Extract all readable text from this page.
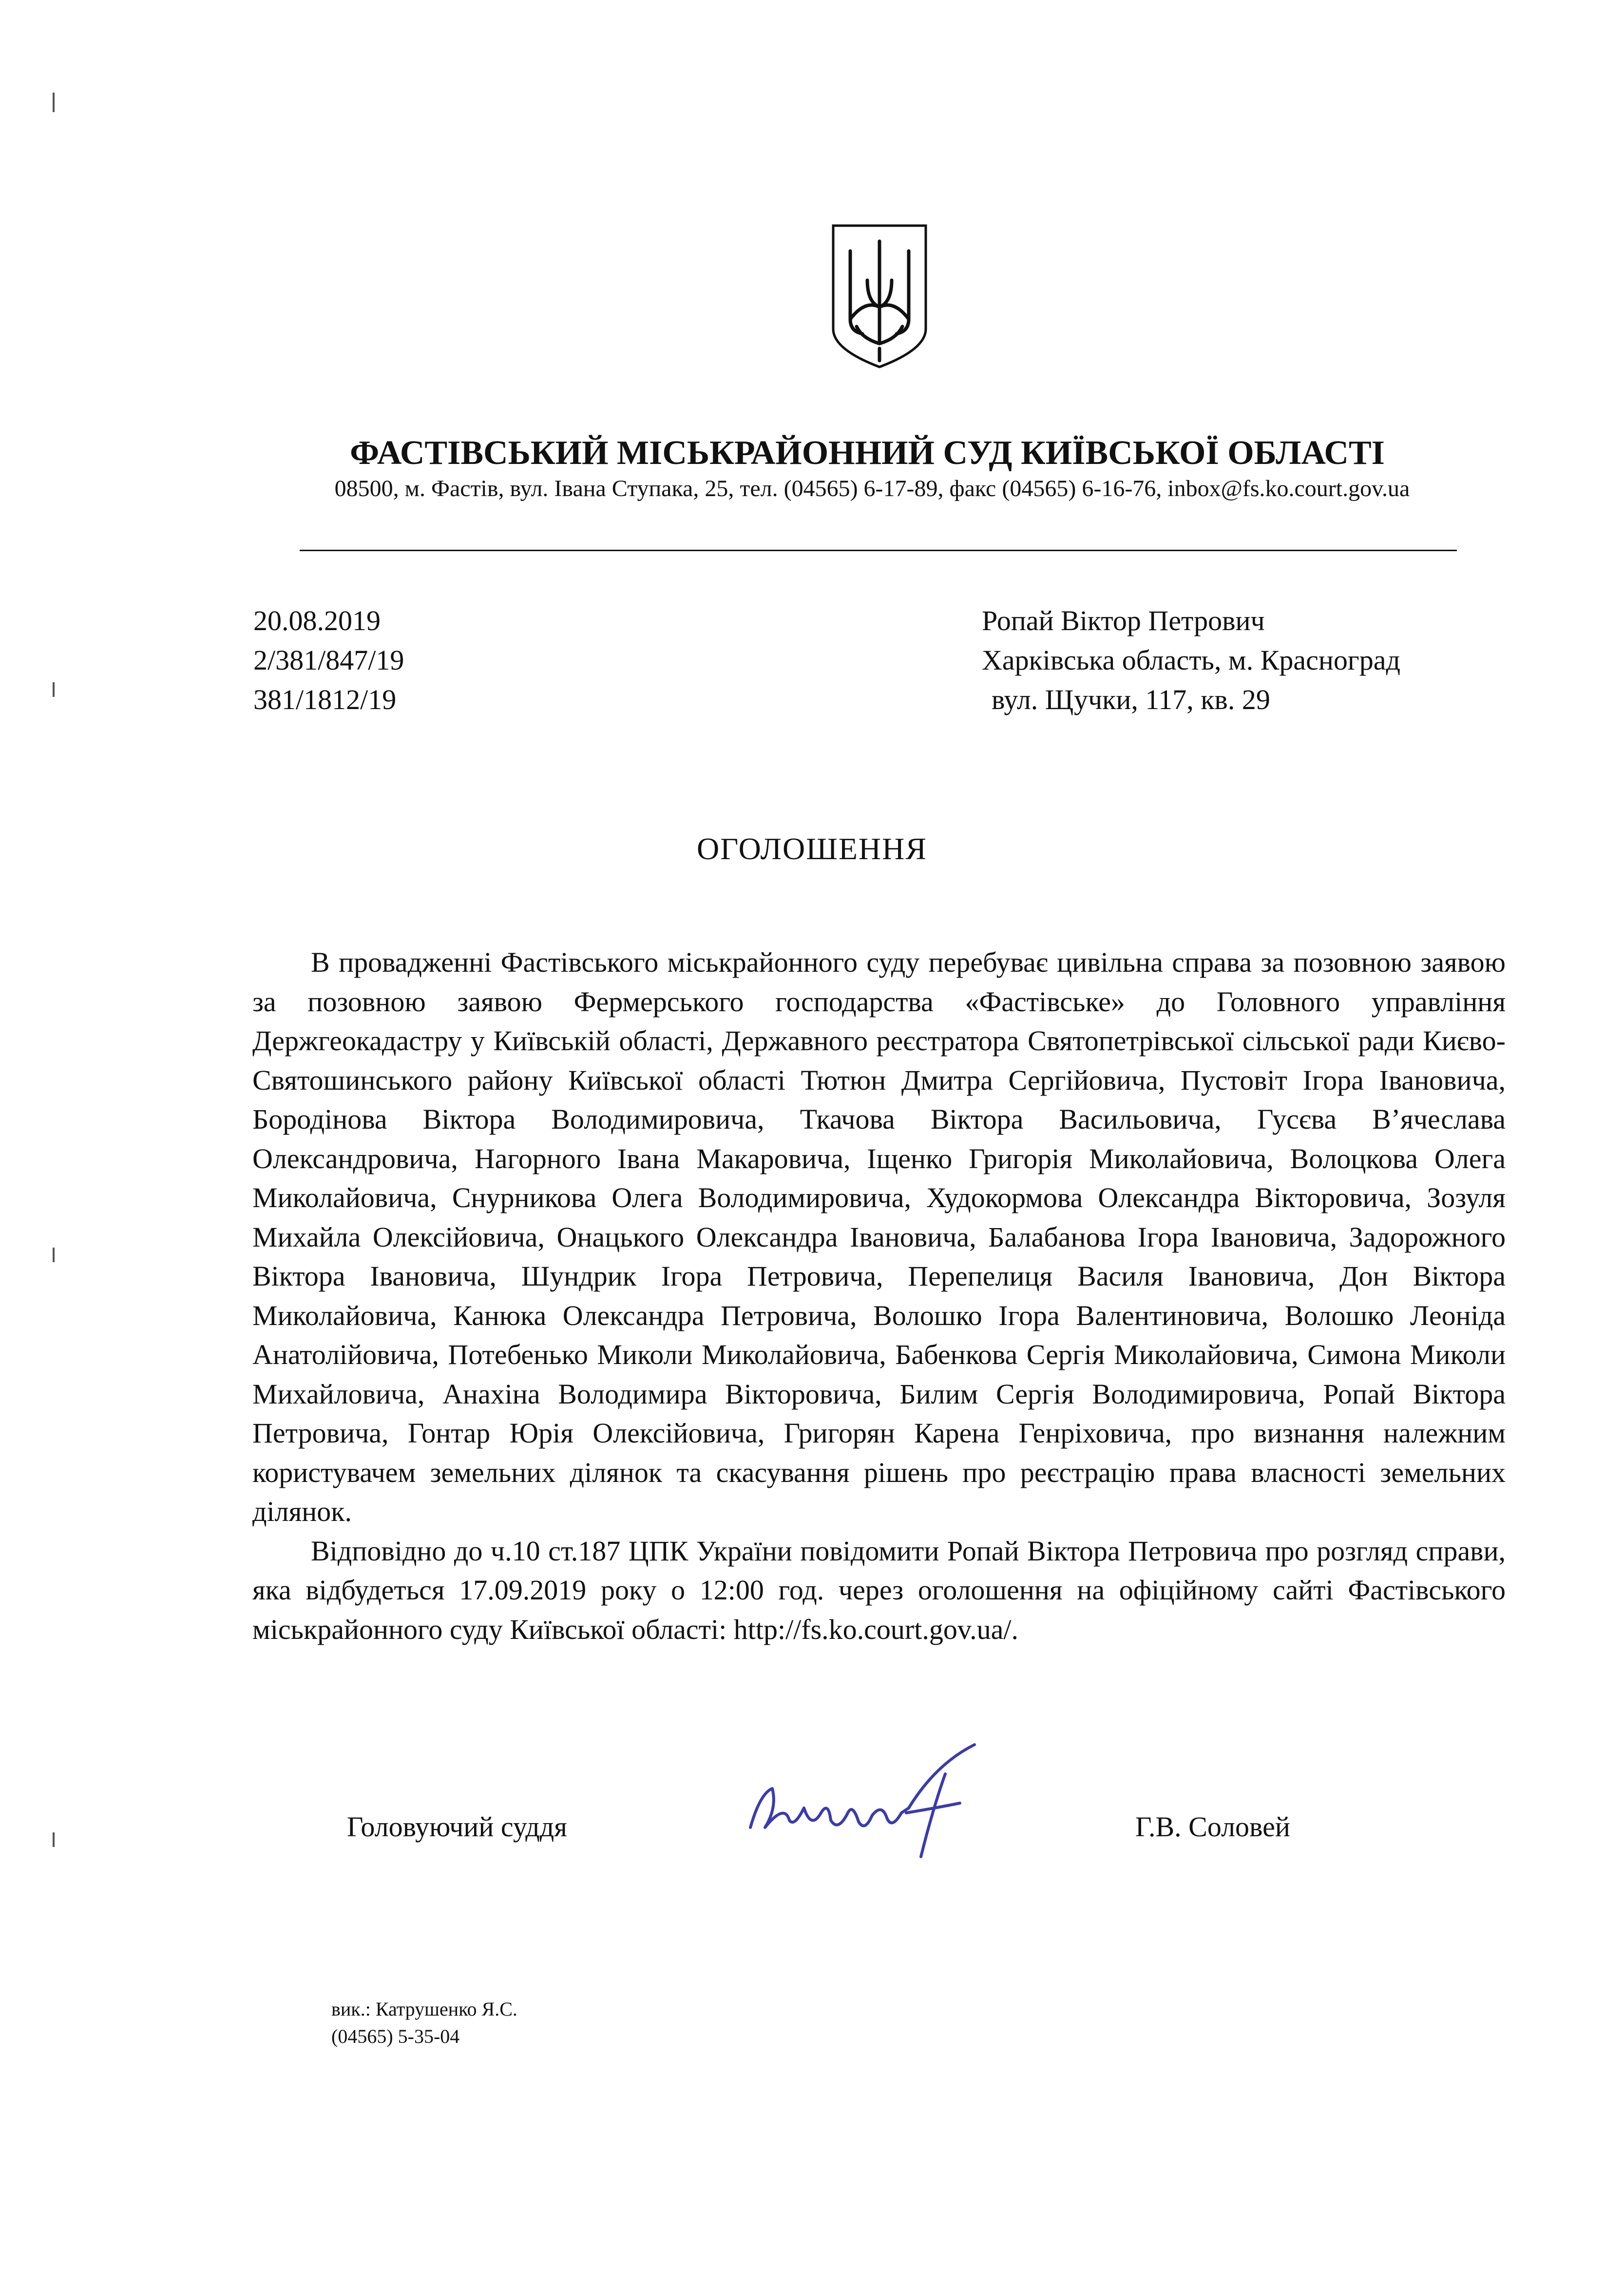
ФАСТІВСЬКИЙ МІСЬКРАЙОННИЙ СУД КИЇВСЬКОЇ ОБЛАСТІ
08500, м. Фастів, вул. Івана Ступака, 25, тел. (04565) 6-17-89, факс (04565) 6-16-76, inbox@fs.ko.court.gov.ua
20.08.2019
2/381/847/19
381/1812/19
Ропай Віктор Петрович
Харківська область, м. Красноград
вул. Щучки, 117, кв. 29
ОГОЛОШЕННЯ

В провадженні Фастівського міськрайонного суду перебуває цивільна справа за позовною заявою за позовною заявою Фермерського господарства «Фастівське» до Головного управління Держгеокадастру у Київській області, Державного реєстратора Святопетрівської сільської ради Києво-Святошинського району Київської області Тютюн Дмитра Сергійовича, Пустовіт Ігора Івановича, Бородінова Віктора Володимировича, Ткачова Віктора Васильовича, Гусєва В’ячеслава Олександровича, Нагорного Івана Макаровича, Іщенко Григорія Миколайовича, Волоцкова Олега Миколайовича, Снурникова Олега Володимировича, Худокормова Олександра Вікторовича, Зозуля Михайла Олексійовича, Онацького Олександра Івановича, Балабанова Ігора Івановича, Задорожного Віктора Івановича, Шундрик Ігора Петровича, Перепелиця Василя Івановича, Дон Віктора Миколайовича, Канюка Олександра Петровича, Волошко Ігора Валентиновича, Волошко Леоніда Анатолійовича, Потебенько Миколи Миколайовича, Бабенкова Сергія Миколайовича, Симона Миколи Михайловича, Анахіна Володимира Вікторовича, Билим Сергія Володимировича, Ропай Віктора Петровича, Гонтар Юрія Олексійовича, Григорян Карена Генріховича, про визнання належним користувачем земельних ділянок та скасування рішень про реєстрацію права власності земельних ділянок.

Відповідно до ч.10 ст.187 ЦПК України повідомити Ропай Віктора Петровича про розгляд справи, яка відбудеться 17.09.2019 року о 12:00 год. через оголошення на офіційному сайті Фастівського міськрайонного суду Київської області: http://fs.ko.court.gov.ua/.

Головуючий суддя	Г.В. Соловей
вик.: Катрушенко Я.С.
(04565) 5-35-04
